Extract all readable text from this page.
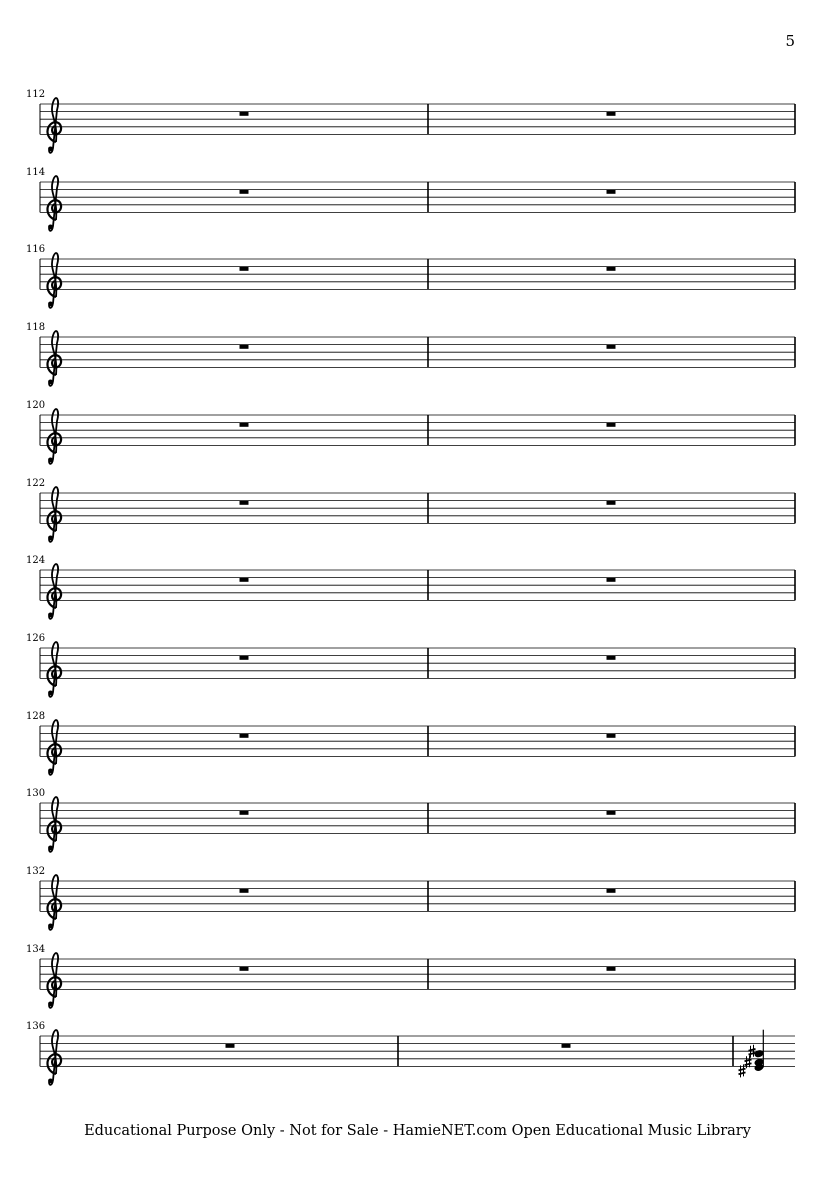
5
112
114
116
118
120
122
124
126
128
130
132
134
136
Educational Purpose Only - Not for Sale - HamieNET.com Open Educational Music Library
